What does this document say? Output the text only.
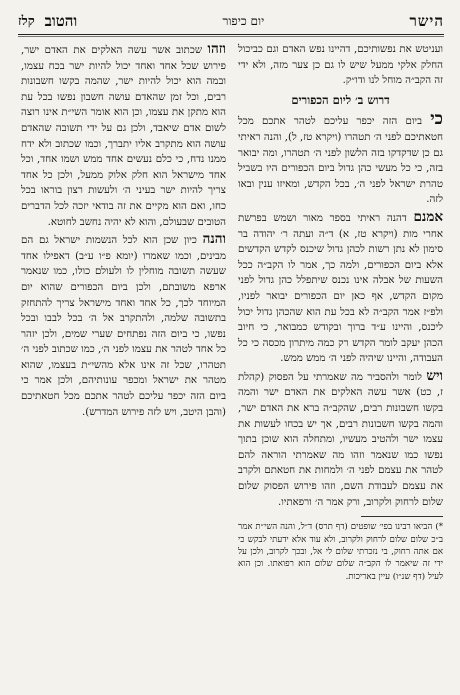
הישר
יום כיפור
והטוב
קלז

ועניטש את נפשותיכם, דהיינו נפש האדם וגם כביכול החלק אלקי ממעל שיש לו גם כן צער מזה, ולא ידי זה הקב״ה מוחל לנו ודו״ק.

דרוש ב׳ ליום הכפורים

כי ביום הזה יכפר עליכם לטהר אתכם מכל חטאתיכם לפני ה׳ תטהרו (ויקרא טז, ל), והנה ראיתי גם כן שדקדקו בזה הלשון לפני ה׳ תטהרו, ומה יבואר בזה, כי כל מעשי כהן גדול ביום הכפורים היו בשביל טהרת ישראל לפני ה׳, בכל הקדש, ומאיזו ענין ובאו לזה.

אמנם דהנה ראיתי בספר מאור ושמש בפרשת אחרי מות (ויקרא טז, א) ד״ה ועתה ר׳ יהודה בר סימון לא נתן רשות לכהן גדול שיכנס לקדש הקדשים אלא ביום הכפורים, ולמה כך, אמר לו הקב״ה ככל השעות של אבלה אינו נכנס שיתפלל כהן גדול לפני מקום הקדש, אף כאן יום הכפורים יבואר לפניו, ולפ״ז אמר הקב״ה לא בכל עת הוא שהכהן גדול יכול ליכנס, והיינו ע״ד ברוך ובקודש כמבואר, כי חיוב הכהן יעקב לומר הקדש רק כמה מיתרון מכסה כי כל העבודה, והיינו שיהיה לפני ה׳ ממש ממש.

ויש לומר ולהסביר מה שאמרתי על הפסוק (קהלת ז, כט) אשר עשה האלקים את האדם ישר והמה בקשו חשבונות רבים, שהקב״ה ברא את האדם ישר, והמה בקשו חשבונות רבים, אך יש בכחו לעשות את עצמו ישר ולהטיב מעשיו, ומתחלה הוא שוכן בתוך נפשו כמו שנאמר וזהו מה שאמרתי הוראה להם לטהר את עצמם לפני ה׳ ולמחות את חטאתם ולקרב את עצמם לעבודת השם, וזהו פירוש הפסוק שלום שלום לרחוק ולקרוב, ורק אמר ה׳ ורפאתיו.

*) הביאו רבינו בפי׳ שופטים (דף תרס) ד״ל, והנה השי״ת אמר ב״כ שלום שלום לרחוק ולקרוב, ולא עוד אלא ידעתי לבקש כי אם אתה רחוק, בי נזכרתי שלום לי אל, ובכך לקרוב, ולכן על ידי זה שיאמר לו הקב״ה שלום שלום הוא רפואתו. וכן הוא לעיל (דף שנ״ו) עיין באריכות.

וזהו שכתוב אשר עשה האלקים את האדם ישר, פירוש שכל אחד ואחד יכול להיות ישר בכח עצמו, ובמה הוא יכול להיות ישר, שהמה בקשו חשבונות רבים, וכל זמן שהאדם עושה חשבון נפשו בכל עת הוא מתקן את עצמו, וכן הוא אומר השי״ת אינו רוצה לשום אדם שיאבד, ולכן גם על ידי תשובה שהאדם עושה הוא מתקרב אליו יתברך, וכמו שכתוב ולא ידח ממנו נדח, כי כלם נעשים אחד ממש ושמו אחד, וכל אחד מישראל הוא חלק אלוק ממעל, ולכן כל אחד צריך להיות ישר בעיני ה׳ ולעשות רצון בוראו בכל כחו, ואם הוא מקיים את זה בודאי יזכה לכל הדברים הטובים שבעולם, והוא לא יהיה נחשב לחוטא.

והנה כיון שכן הוא לכל הנשמות ישראל גם הם מבינים, וכמו שאמרו (יומא פ״ו ע״ב) דאפילו אחד שעשה תשובה מוחלין לו ולעולם כולו, כמו שנאמר ארפא משובתם, ולכן ביום הכפורים שהוא יום המיוחד לכך, כל אחד ואחד מישראל צריך להתחזק בתשובה שלמה, ולהתקרב אל ה׳ בכל לבבו ובכל נפשו, כי ביום הזה נפתחים שערי שמים, ולכן יזהר כל אחד לטהר את עצמו לפני ה׳, כמו שכתוב לפני ה׳ תטהרו, שכל זה אינו אלא מהשי״ת בעצמו, שהוא מטהר את ישראל ומכפר עונותיהם, ולכן אמר כי ביום הזה יכפר עליכם לטהר אתכם מכל חטאתיכם (והבן היטב, ויש לזה פירוש המדרש).
